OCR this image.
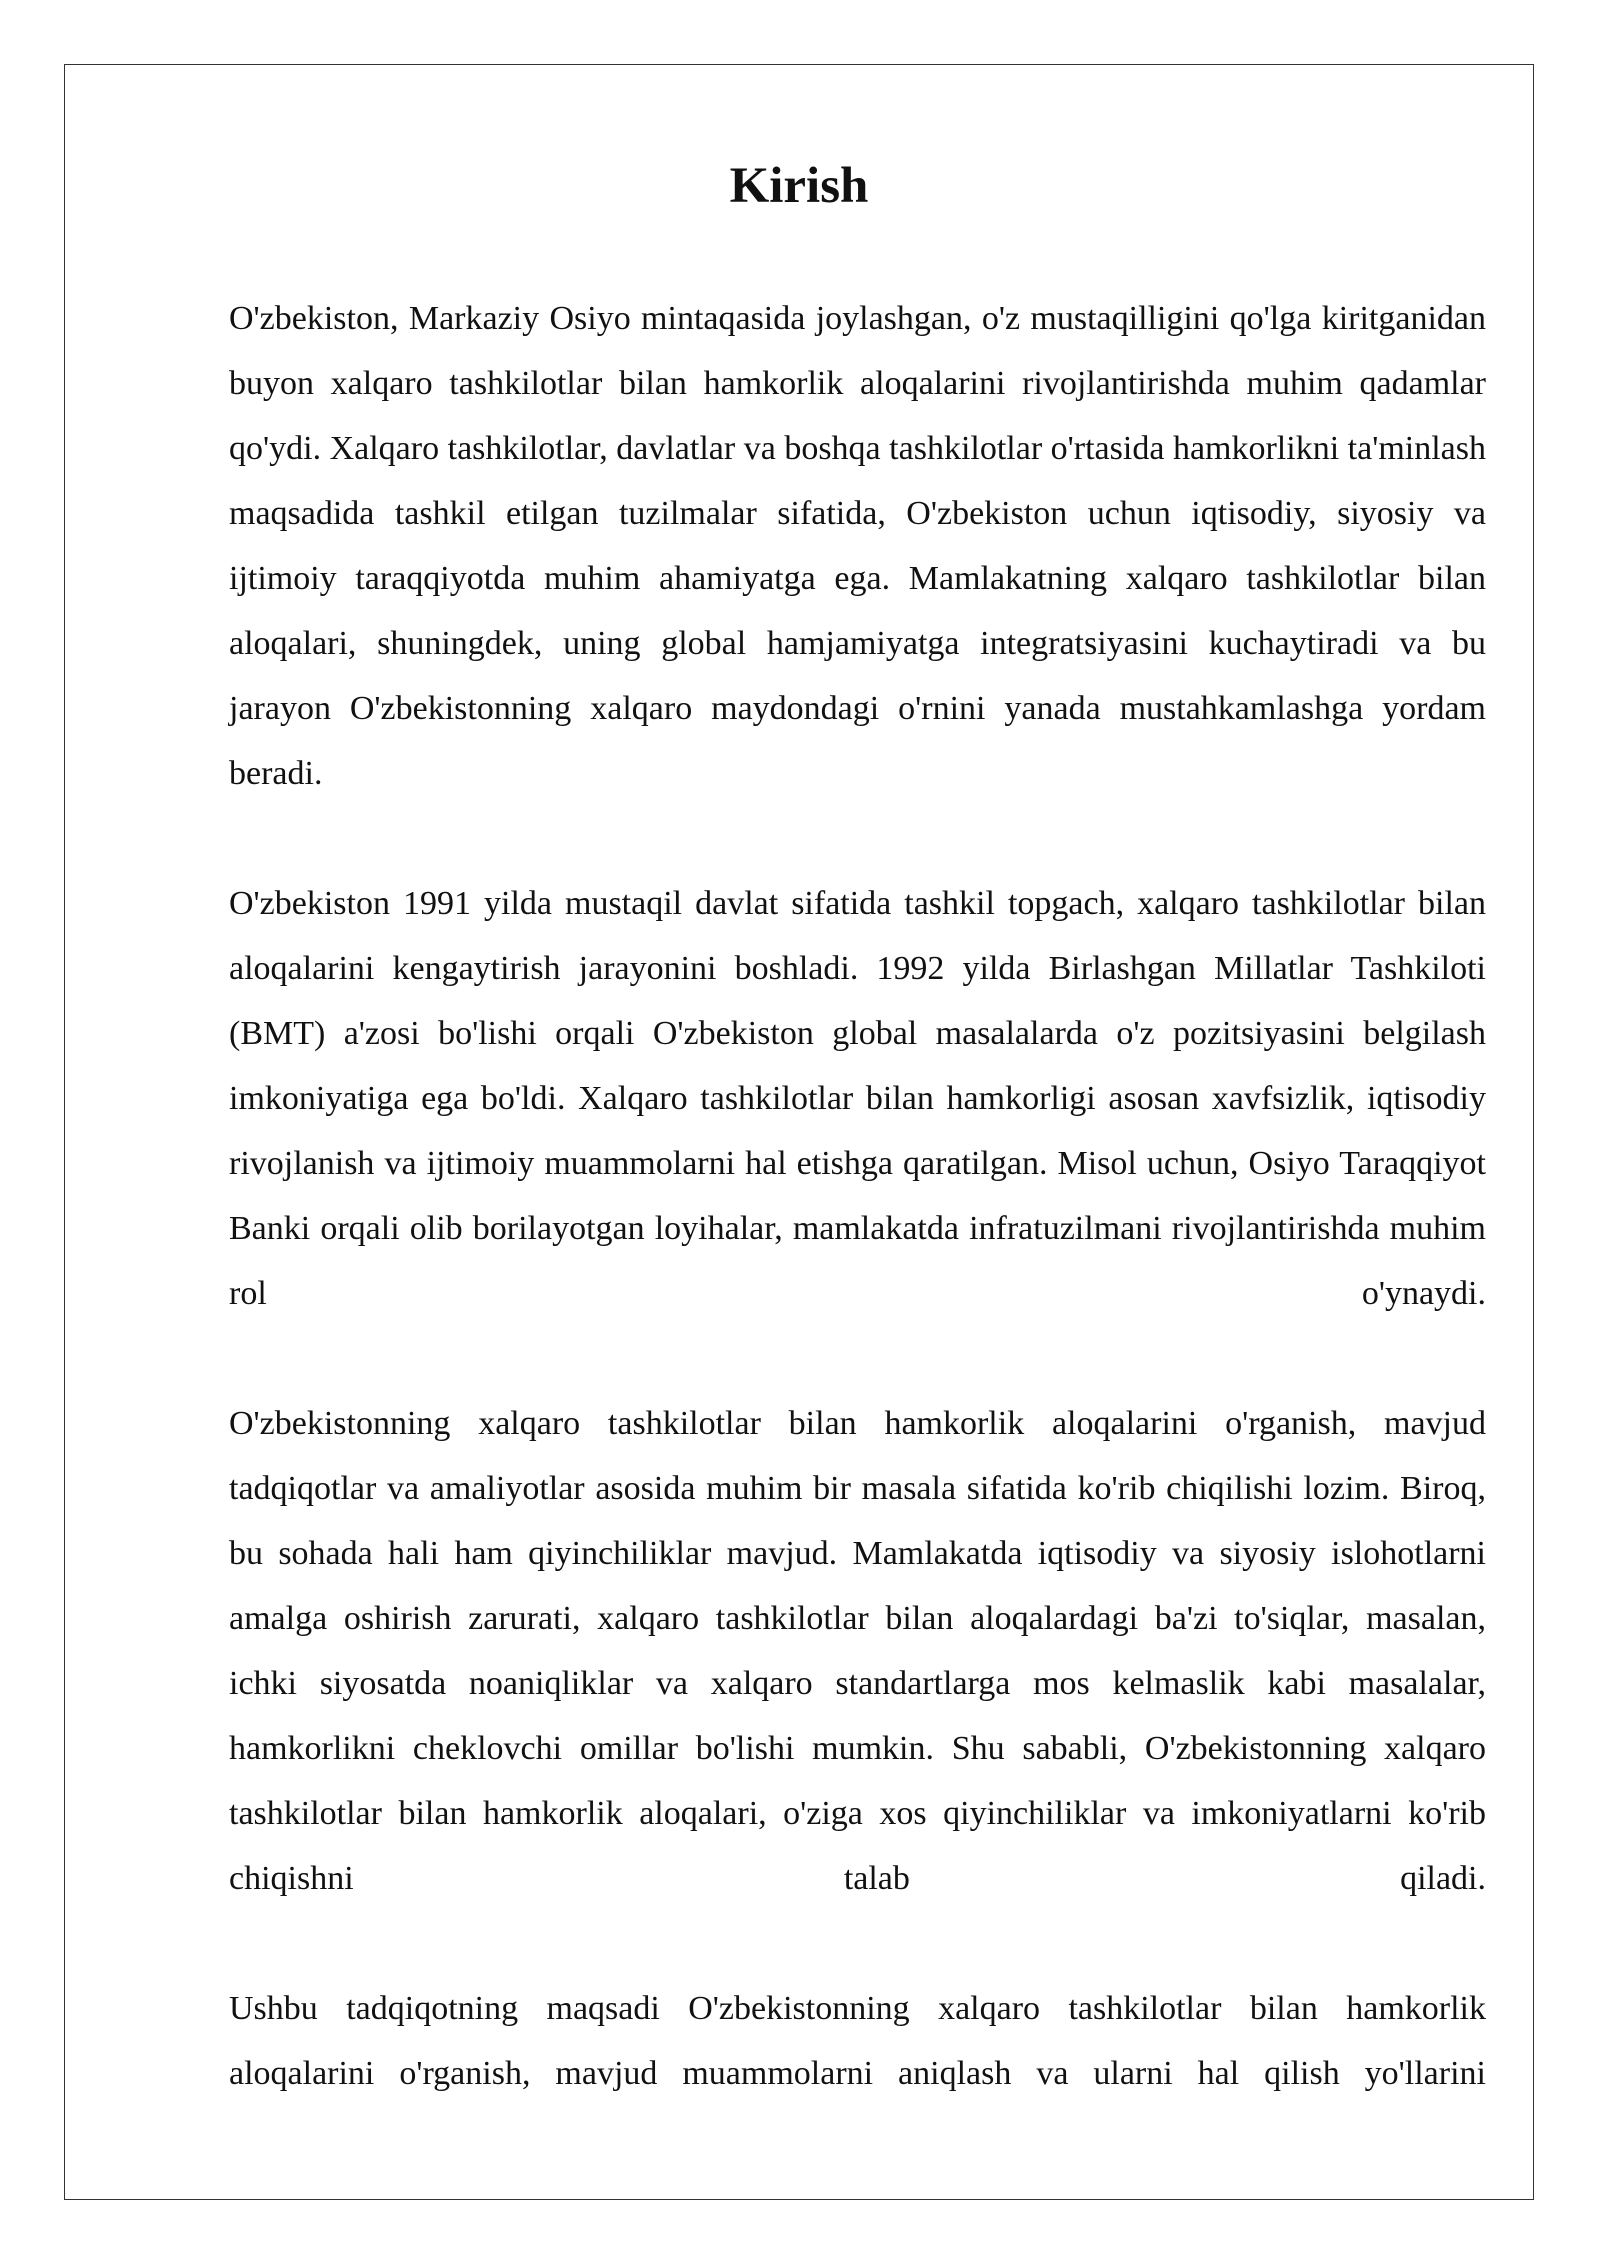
Kirish

O'zbekiston, Markaziy Osiyo mintaqasida joylashgan, o'z mustaqilligini qo'lga kiritganidan buyon xalqaro tashkilotlar bilan hamkorlik aloqalarini rivojlantirishda muhim qadamlar qo'ydi. Xalqaro tashkilotlar, davlatlar va boshqa tashkilotlar o'rtasida hamkorlikni ta'minlash maqsadida tashkil etilgan tuzilmalar sifatida, O'zbekiston uchun iqtisodiy, siyosiy va ijtimoiy taraqqiyotda muhim ahamiyatga ega. Mamlakatning xalqaro tashkilotlar bilan aloqalari, shuningdek, uning global hamjamiyatga integratsiyasini kuchaytiradi va bu jarayon O'zbekistonning xalqaro maydondagi o'rnini yanada mustahkamlashga yordam beradi.

O'zbekiston 1991 yilda mustaqil davlat sifatida tashkil topgach, xalqaro tashkilotlar bilan aloqalarini kengaytirish jarayonini boshladi. 1992 yilda Birlashgan Millatlar Tashkiloti (BMT) a'zosi bo'lishi orqali O'zbekiston global masalalarda o'z pozitsiyasini belgilash imkoniyatiga ega bo'ldi. Xalqaro tashkilotlar bilan hamkorligi asosan xavfsizlik, iqtisodiy rivojlanish va ijtimoiy muammolarni hal etishga qaratilgan. Misol uchun, Osiyo Taraqqiyot Banki orqali olib borilayotgan loyihalar, mamlakatda infratuzilmani rivojlantirishda muhim rol o'ynaydi.

O'zbekistonning xalqaro tashkilotlar bilan hamkorlik aloqalarini o'rganish, mavjud tadqiqotlar va amaliyotlar asosida muhim bir masala sifatida ko'rib chiqilishi lozim. Biroq, bu sohada hali ham qiyinchiliklar mavjud. Mamlakatda iqtisodiy va siyosiy islohotlarni amalga oshirish zarurati, xalqaro tashkilotlar bilan aloqalardagi ba'zi to'siqlar, masalan, ichki siyosatda noaniqliklar va xalqaro standartlarga mos kelmaslik kabi masalalar, hamkorlikni cheklovchi omillar bo'lishi mumkin. Shu sababli, O'zbekistonning xalqaro tashkilotlar bilan hamkorlik aloqalari, o'ziga xos qiyinchiliklar va imkoniyatlarni ko'rib chiqishni talab qiladi.

Ushbu tadqiqotning maqsadi O'zbekistonning xalqaro tashkilotlar bilan hamkorlik aloqalarini o'rganish, mavjud muammolarni aniqlash va ularni hal qilish yo'llarini
